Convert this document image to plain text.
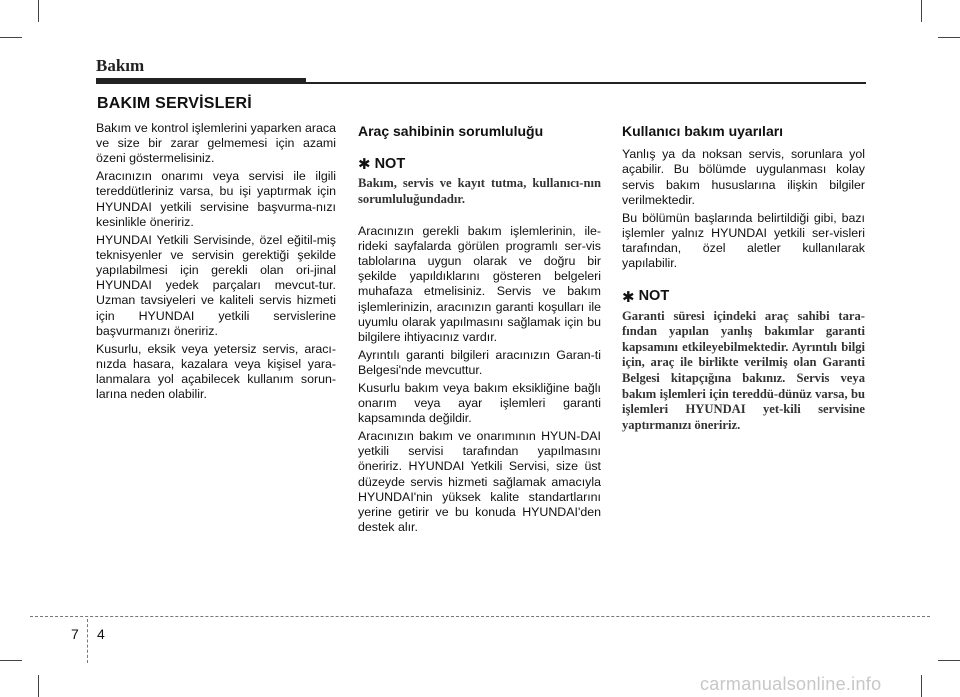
Bakım
BAKIM SERVİSLERİ

Bakım ve kontrol işlemlerini yaparken araca ve size bir zarar gelmemesi için azami özeni göstermelisiniz.

Aracınızın onarımı veya servisi ile ilgili tereddütleriniz varsa, bu işi yaptırmak için HYUNDAI yetkili servisine başvurma-nızı kesinlikle öneririz.

HYUNDAI Yetkili Servisinde, özel eğitil-miş teknisyenler ve servisin gerektiği şekilde yapılabilmesi için gerekli olan ori-jinal HYUNDAI yedek parçaları mevcut-tur. Uzman tavsiyeleri ve kaliteli servis hizmeti için HYUNDAI yetkili servislerine başvurmanızı öneririz.

Kusurlu, eksik veya yetersiz servis, aracı-nızda hasara, kazalara veya kişisel yara-lanmalara yol açabilecek kullanım sorun-larına neden olabilir.

Araç sahibinin sorumluluğu
✱ NOT
Bakım, servis ve kayıt tutma, kullanıcı-nın sorumluluğundadır.

Aracınızın gerekli bakım işlemlerinin, ile-rideki sayfalarda görülen programlı ser-vis tablolarına uygun olarak ve doğru bir şekilde yapıldıklarını gösteren belgeleri muhafaza etmelisiniz. Servis ve bakım işlemlerinizin, aracınızın garanti koşulları ile uyumlu olarak yapılmasını sağlamak için bu bilgilere ihtiyacınız vardır.

Ayrıntılı garanti bilgileri aracınızın Garan-ti Belgesi'nde mevcuttur.

Kusurlu bakım veya bakım eksikliğine bağlı onarım veya ayar işlemleri garanti kapsamında değildir.

Aracınızın bakım ve onarımının HYUN-DAI yetkili servisi tarafından yapılmasını öneririz. HYUNDAI Yetkili Servisi, size üst düzeyde servis hizmeti sağlamak amacıyla HYUNDAI'nin yüksek kalite standartlarını yerine getirir ve bu konuda HYUNDAI'den destek alır.

Kullanıcı bakım uyarıları

Yanlış ya da noksan servis, sorunlara yol açabilir. Bu bölümde uygulanması kolay servis bakım hususlarına ilişkin bilgiler verilmektedir.

Bu bölümün başlarında belirtildiği gibi, bazı işlemler yalnız HYUNDAI yetkili ser-visleri tarafından, özel aletler kullanılarak yapılabilir.

✱ NOT
Garanti süresi içindeki araç sahibi tara-fından yapılan yanlış bakımlar garanti kapsamını etkileyebilmektedir. Ayrıntılı bilgi için, araç ile birlikte verilmiş olan Garanti Belgesi kitapçığına bakınız. Servis veya bakım işlemleri için tereddü-dünüz varsa, bu işlemleri HYUNDAI yet-kili servisine yaptırmanızı öneririz.
7 4
carmanualsonline.info
